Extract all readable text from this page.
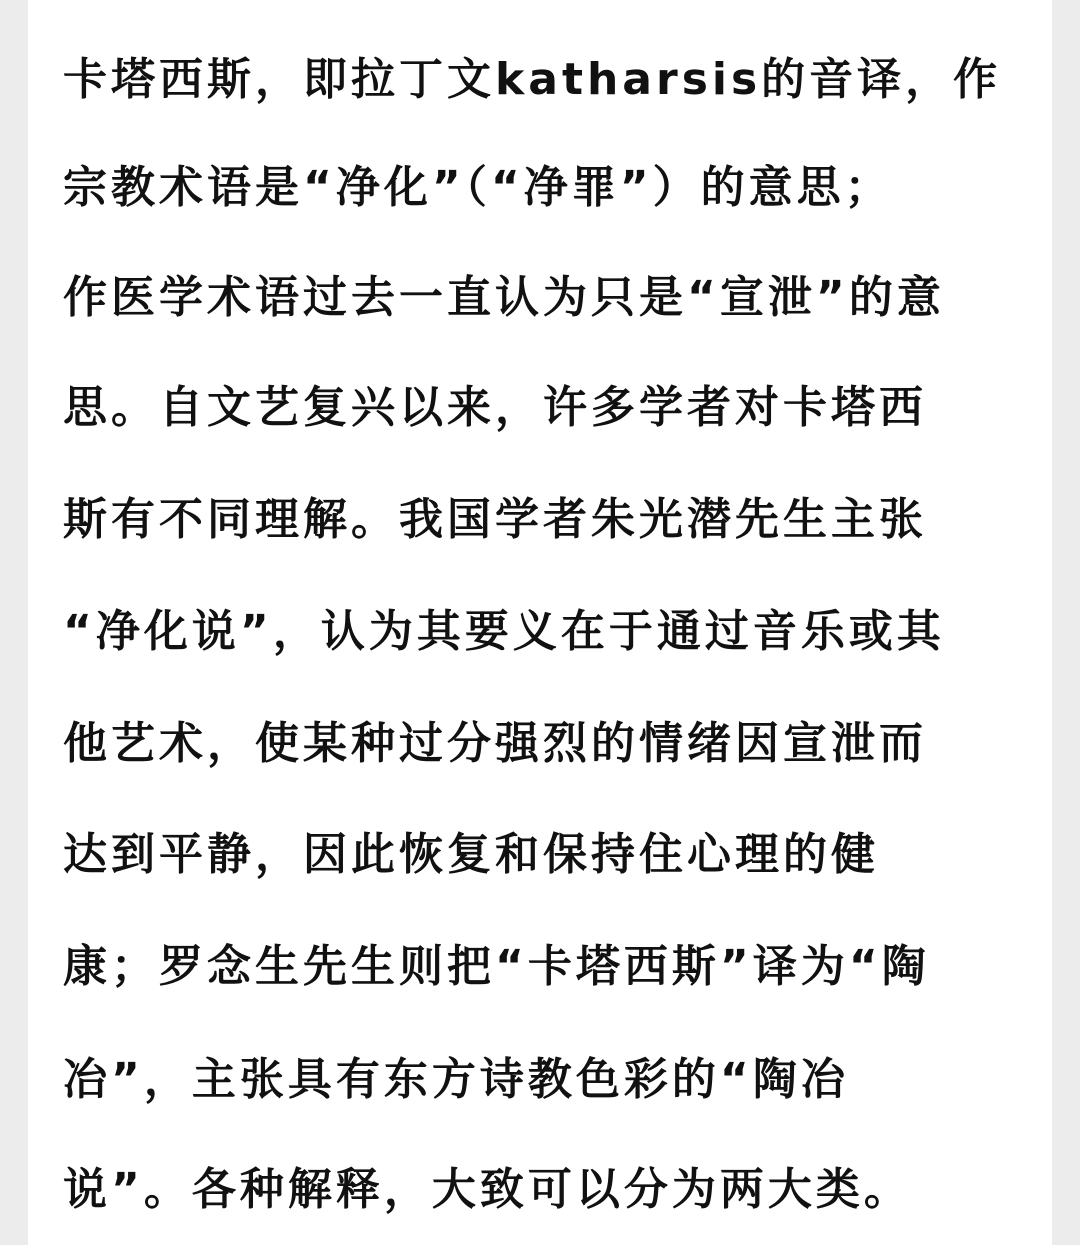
卡塔西斯，即拉丁文katharsis的音译，作
宗教术语是“净化”（“净罪”）的意思；
作医学术语过去一直认为只是“宣泄”的意
思。自文艺复兴以来，许多学者对卡塔西
斯有不同理解。我国学者朱光潜先生主张
“净化说”，认为其要义在于通过音乐或其
他艺术，使某种过分强烈的情绪因宣泄而
达到平静，因此恢复和保持住心理的健
康；罗念生先生则把“卡塔西斯”译为“陶
冶”，主张具有东方诗教色彩的“陶冶
说”。各种解释，大致可以分为两大类。
